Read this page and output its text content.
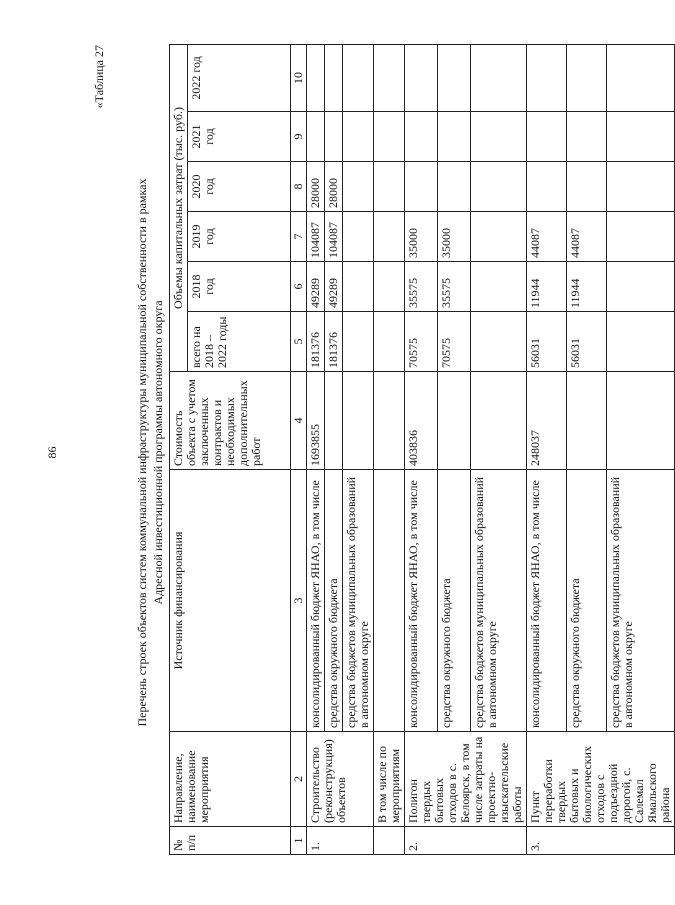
86
«Таблица 27
Перечень строек объектов систем коммунальной инфраструктуры муниципальной собственности в рамках Адресной инвестиционной программы автономного округа
№ п/п	Направление, наименование мероприятия	Источник финансирования	Стоимость объекта с учетом заключенных контрактов и необходимых дополнительных работ	Объемы капитальных затрат (тыс. руб.)					
				всего на 2018 – 2022 годы	2018 год	2019 год	2020 год	2021 год	2022 год
1	2	3	4	5	6	7	8	9	10
1.	Строительство (реконструкция) объектов	консолидированный бюджет ЯНАО, в том числе	1693855	181376	49289	104087	28000		
		средства окружного бюджета		181376	49289	104087	28000		
		средства бюджетов муниципальных образований в автономном округе							
	В том числе по мероприятиям								
2.	Полигон твердых бытовых отходов в с. Белоярск, в том числе затраты на проектно-изыскательские работы	консолидированный бюджет ЯНАО, в том числе	403836	70575	35575	35000			
		средства окружного бюджета		70575	35575	35000			
		средства бюджетов муниципальных образований в автономном округе							
3.	Пункт переработки твердых бытовых и биологических отходов с подъездной дорогой, с. Салемал Ямальского района	консолидированный бюджет ЯНАО, в том числе	248037	56031	11944	44087			
		средства окружного бюджета		56031	11944	44087			
		средства бюджетов муниципальных образований в автономном округе							
